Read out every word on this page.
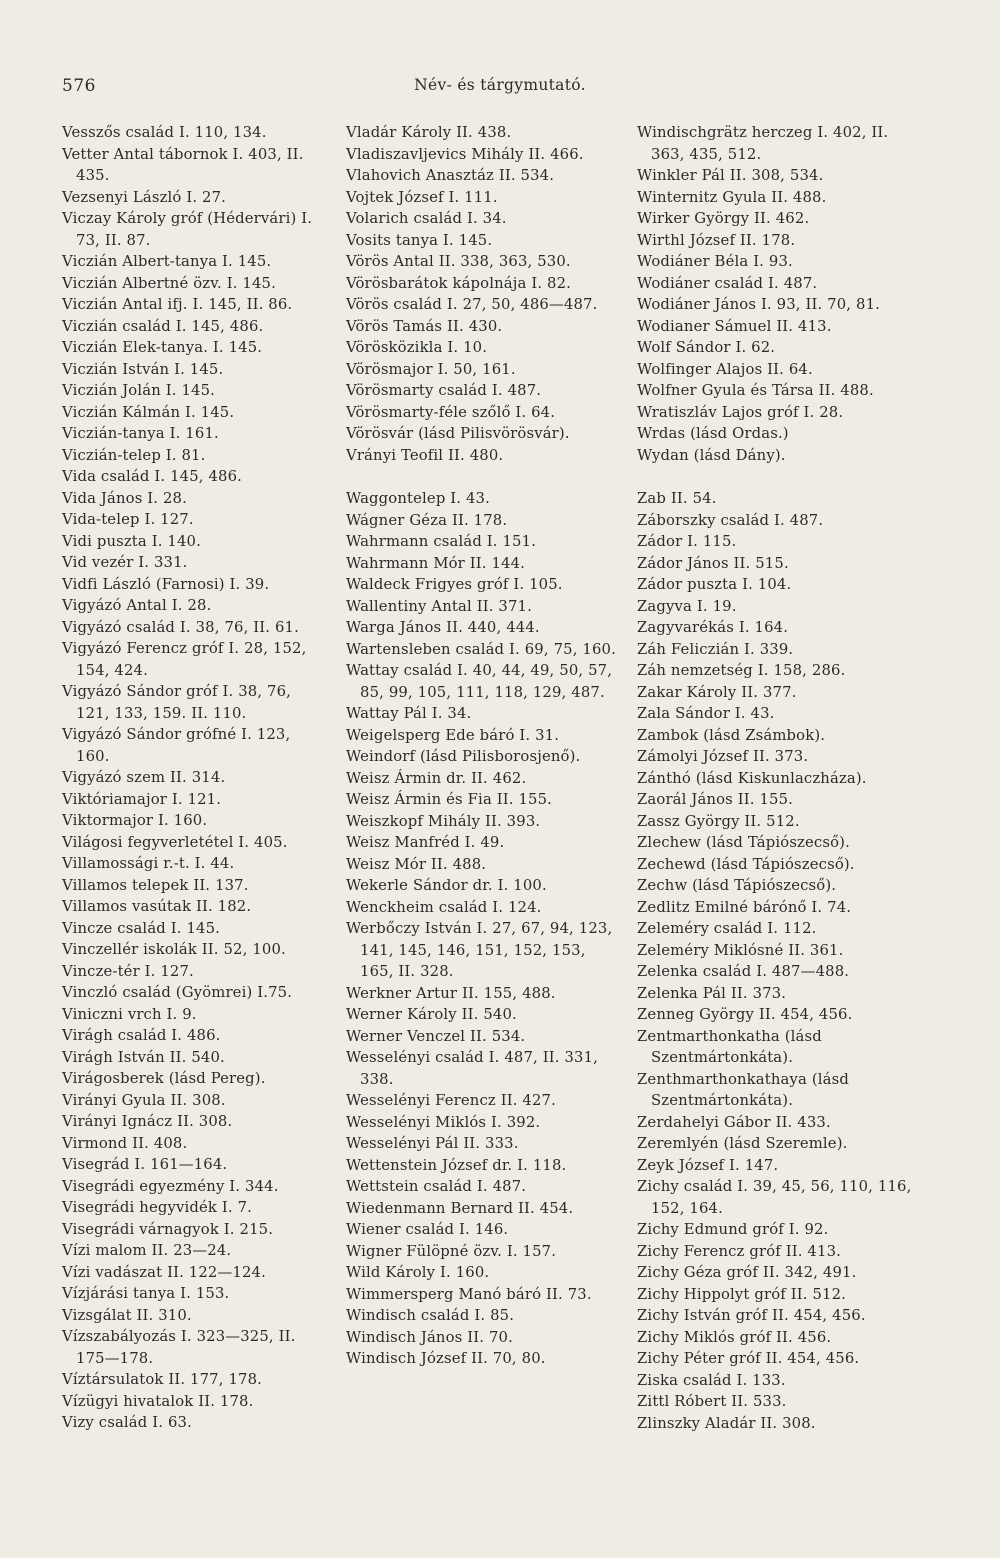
576	Név- és tárgymutató.
Vesszős család I. 110, 134.
Vetter Antal tábornok I. 403, II. 435.
Vezsenyi László I. 27.
Viczay Károly gróf (Hédervári) I. 73, II. 87.
Viczián Albert-tanya I. 145.
Viczián Albertné özv. I. 145.
Viczián Antal ifj. I. 145, II. 86.
Viczián család I. 145, 486.
Viczián Elek-tanya. I. 145.
Viczián István I. 145.
Viczián Jolán I. 145.
Viczián Kálmán I. 145.
Viczián-tanya I. 161.
Viczián-telep I. 81.
Vida család I. 145, 486.
Vida János I. 28.
Vida-telep I. 127.
Vidi puszta I. 140.
Vid vezér I. 331.
Vidfi László (Farnosi) I. 39.
Vigyázó Antal I. 28.
Vigyázó család I. 38, 76, II. 61.
Vigyázó Ferencz gróf I. 28, 152, 154, 424.
Vigyázó Sándor gróf I. 38, 76, 121, 133, 159. II. 110.
Vigyázó Sándor grófné I. 123, 160.
Vigyázó szem II. 314.
Viktóriamajor I. 121.
Viktormajor I. 160.
Világosi fegyverletétel I. 405.
Villamossági r.-t. I. 44.
Villamos telepek II. 137.
Villamos vasútak II. 182.
Vincze család I. 145.
Vinczellér iskolák II. 52, 100.
Vincze-tér I. 127.
Vinczló család (Gyömrei) I.75.
Viniczni vrch I. 9.
Virágh család I. 486.
Virágh István II. 540.
Virágosberek (lásd Pereg).
Virányi Gyula II. 308.
Virányi Ignácz II. 308.
Virmond II. 408.
Visegrád I. 161—164.
Visegrádi egyezmény I. 344.
Visegrádi hegyvidék I. 7.
Visegrádi várnagyok I. 215.
Vízi malom II. 23—24.
Vízi vadászat II. 122—124.
Vízjárási tanya I. 153.
Vizsgálat II. 310.
Vízszabályozás I. 323—325, II. 175—178.
Víztársulatok II. 177, 178.
Vízügyi hivatalok II. 178.
Vizy család I. 63.
Vladár Károly II. 438.
Vladiszavljevics Mihály II. 466.
Vlahovich Anasztáz II. 534.
Vojtek József I. 111.
Volarich család I. 34.
Vosits tanya I. 145.
Vörös Antal II. 338, 363, 530.
Vörösbarátok kápolnája I. 82.
Vörös család I. 27, 50, 486—487.
Vörös Tamás II. 430.
Vörösközikla I. 10.
Vörösmajor I. 50, 161.
Vörösmarty család I. 487.
Vörösmarty-féle szőlő I. 64.
Vörösvár (lásd Pilisvörösvár).
Vrányi Teofil II. 480.
Waggontelep I. 43.
Wágner Géza II. 178.
Wahrmann család I. 151.
Wahrmann Mór II. 144.
Waldeck Frigyes gróf I. 105.
Wallentiny Antal II. 371.
Warga János II. 440, 444.
Wartensleben család I. 69, 75, 160.
Wattay család I. 40, 44, 49, 50, 57, 85, 99, 105, 111, 118, 129, 487.
Wattay Pál I. 34.
Weigelsperg Ede báró I. 31.
Weindorf (lásd Pilisborosjenő).
Weisz Ármin dr. II. 462.
Weisz Ármin és Fia II. 155.
Weiszkopf Mihály II. 393.
Weisz Manfréd I. 49.
Weisz Mór II. 488.
Wekerle Sándor dr. I. 100.
Wenckheim család I. 124.
Werbőczy István I. 27, 67, 94, 123, 141, 145, 146, 151, 152, 153, 165, II. 328.
Werkner Artur II. 155, 488.
Werner Károly II. 540.
Werner Venczel II. 534.
Wesselényi család I. 487, II. 331, 338.
Wesselényi Ferencz II. 427.
Wesselényi Miklós I. 392.
Wesselényi Pál II. 333.
Wettenstein József dr. I. 118.
Wettstein család I. 487.
Wiedenmann Bernard II. 454.
Wiener család I. 146.
Wigner Fülöpné özv. I. 157.
Wild Károly I. 160.
Wimmersperg Manó báró II. 73.
Windisch család I. 85.
Windisch János II. 70.
Windisch József II. 70, 80.
Windischgrätz herczeg I. 402, II. 363, 435, 512.
Winkler Pál II. 308, 534.
Winternitz Gyula II. 488.
Wirker György II. 462.
Wirthl József II. 178.
Wodiáner Béla I. 93.
Wodiáner család I. 487.
Wodiáner János I. 93, II. 70, 81.
Wodianer Sámuel II. 413.
Wolf Sándor I. 62.
Wolfinger Alajos II. 64.
Wolfner Gyula és Társa II. 488.
Wratiszláv Lajos gróf I. 28.
Wrdas (lásd Ordas.)
Wydan (lásd Dány).
Zab II. 54.
Záborszky család I. 487.
Zádor I. 115.
Zádor János II. 515.
Zádor puszta I. 104.
Zagyva I. 19.
Zagyvarékás I. 164.
Záh Feliczián I. 339.
Záh nemzetség I. 158, 286.
Zakar Károly II. 377.
Zala Sándor I. 43.
Zambok (lásd Zsámbok).
Zámolyi József II. 373.
Zánthó (lásd Kiskunlaczháza).
Zaorál János II. 155.
Zassz György II. 512.
Zlechew (lásd Tápiószecső).
Zechewd (lásd Tápiószecső).
Zechw (lásd Tápiószecső).
Zedlitz Emilné bárónő I. 74.
Zeleméry család I. 112.
Zeleméry Miklósné II. 361.
Zelenka család I. 487—488.
Zelenka Pál II. 373.
Zenneg György II. 454, 456.
Zentmarthonkatha (lásd Szentmártonkáta).
Zenthmarthonkathaya (lásd Szentmártonkáta).
Zerdahelyi Gábor II. 433.
Zeremlyén (lásd Szeremle).
Zeyk József I. 147.
Zichy család I. 39, 45, 56, 110, 116, 152, 164.
Zichy Edmund gróf I. 92.
Zichy Ferencz gróf II. 413.
Zichy Géza gróf II. 342, 491.
Zichy Hippolyt gróf II. 512.
Zichy István gróf II. 454, 456.
Zichy Miklós gróf II. 456.
Zichy Péter gróf II. 454, 456.
Ziska család I. 133.
Zittl Róbert II. 533.
Zlinszky Aladár II. 308.
